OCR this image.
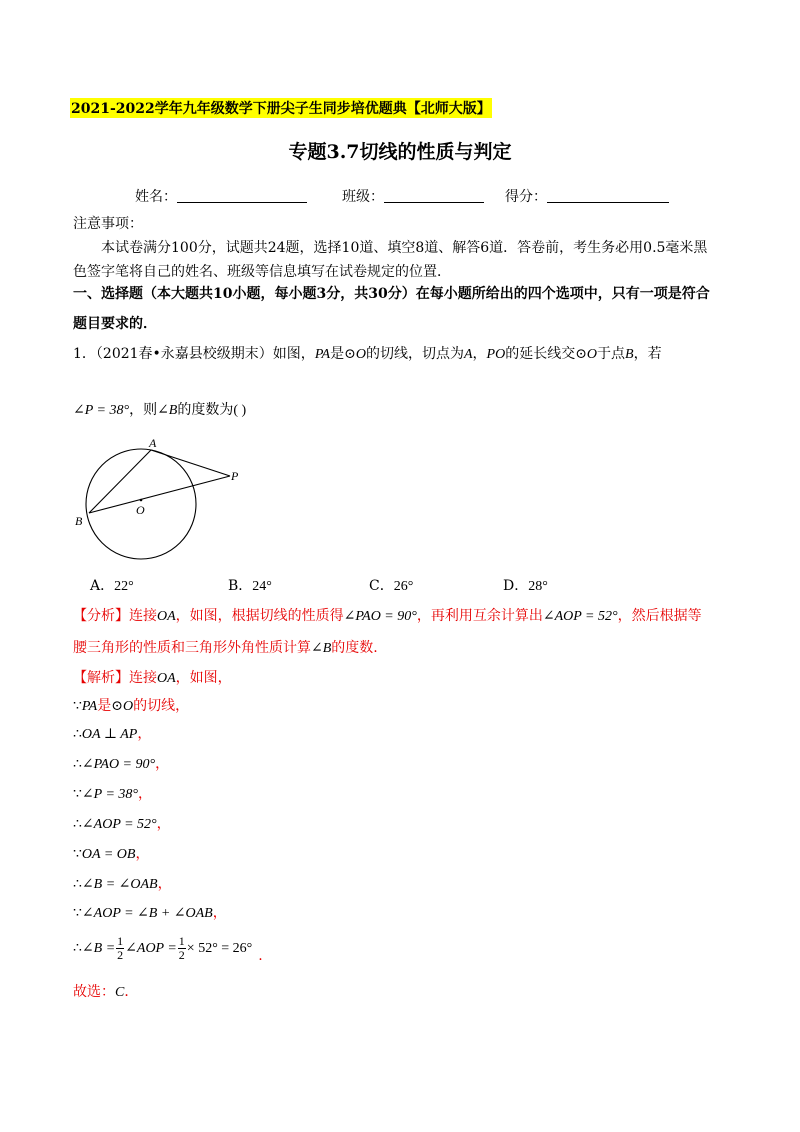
2021-2022学年九年级数学下册尖子生同步培优题典【北师大版】
专题3.7切线的性质与判定
姓名：	班级：	得分：
注意事项：
本试卷满分100分，试题共24题，选择10道、填空8道、解答6道．答卷前，考生务必用0.5毫米黑
色签字笔将自己的姓名、班级等信息填写在试卷规定的位置．
一、选择题（本大题共10小题，每小题3分，共30分）在每小题所给出的四个选项中，只有一项是符合
题目要求的．
1．（2021春•永嘉县校级期末）如图，PA是⊙O的切线，切点为A，PO的延长线交⊙O于点B，若
∠P = 38°，则∠B的度数为( )
A
P
O
B
A．22°	B．24°	C．26°	D．28°
【分析】连接OA，如图，根据切线的性质得∠PAO = 90°，再利用互余计算出∠AOP = 52°，然后根据等
腰三角形的性质和三角形外角性质计算∠B的度数.
【解析】连接OA，如图，
∵PA是⊙O的切线，
∴OA ⊥ AP，
∴∠PAO = 90°，
∵∠P = 38°，
∴∠AOP = 52°，
∵OA = OB，
∴∠B = ∠OAB，
∵∠AOP = ∠B + ∠OAB，
∴∠B = $\frac{1}{2}$ ∠AOP = $\frac{1}{2} \times 52^\circ = 26^\circ$ .
故选：C．
